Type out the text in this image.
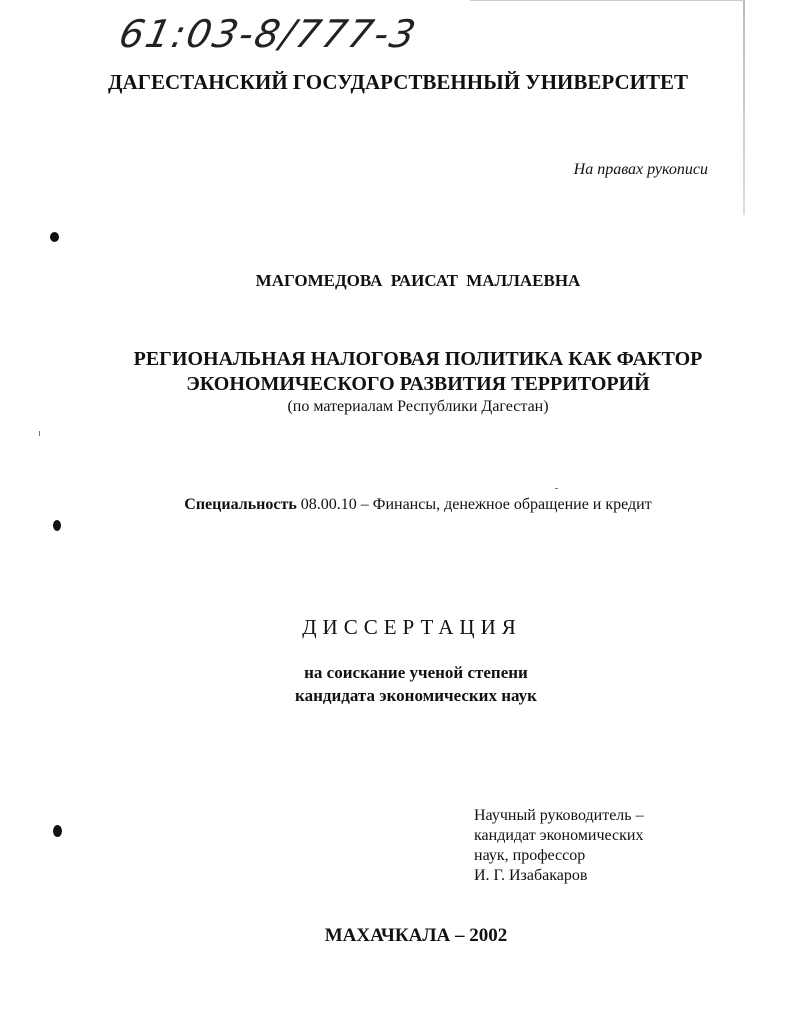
61:03-8/777-3
ДАГЕСТАНСКИЙ ГОСУДАРСТВЕННЫЙ УНИВЕРСИТЕТ
На правах рукописи
МАГОМЕДОВА РАИСАТ МАЛЛАЕВНА
РЕГИОНАЛЬНАЯ НАЛОГОВАЯ ПОЛИТИКА КАК ФАКТОР
ЭКОНОМИЧЕСКОГО РАЗВИТИЯ ТЕРРИТОРИЙ
(по материалам Республики Дагестан)
Специальность 08.00.10 – Финансы, денежное обращение и кредит
ДИССЕРТАЦИЯ
на соискание ученой степени
кандидата экономических наук
Научный руководитель –
кандидат экономических
наук, профессор
И. Г. Изабакаров
МАХАЧКАЛА – 2002
